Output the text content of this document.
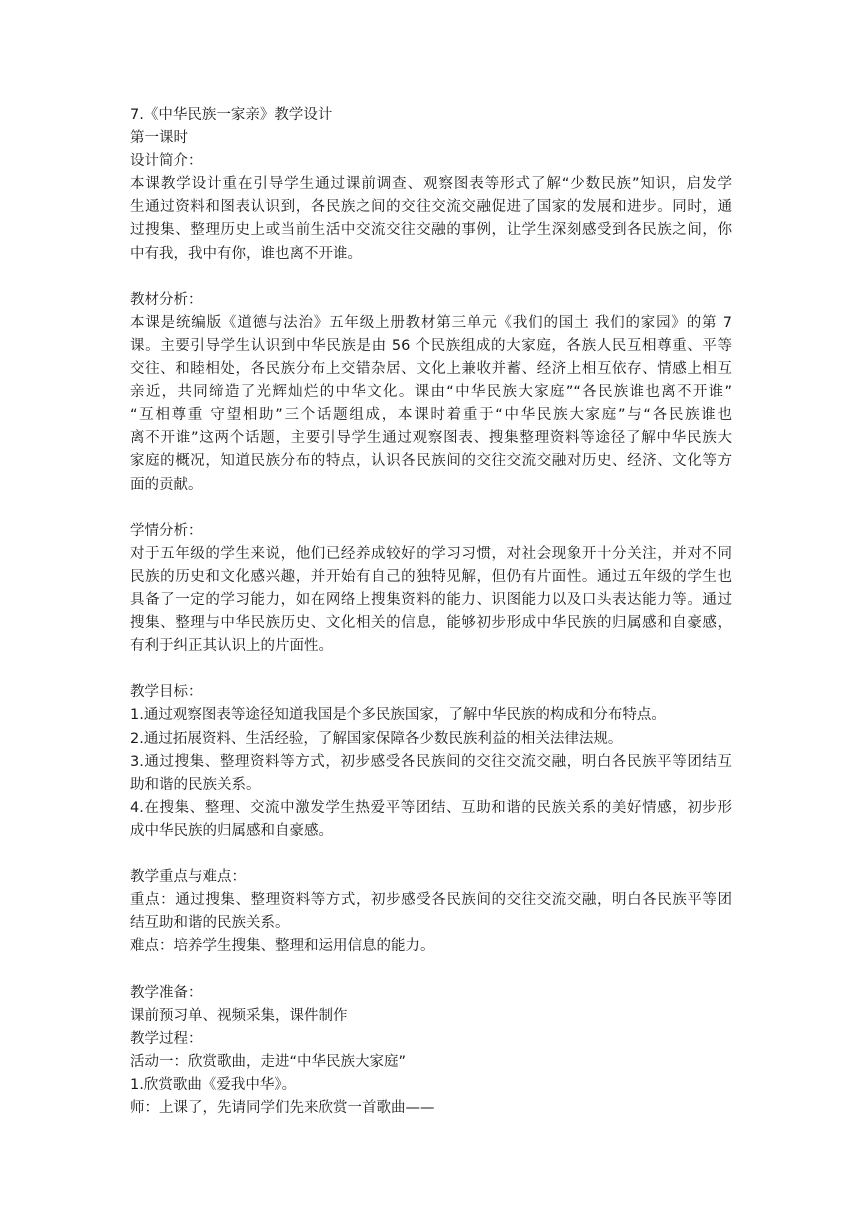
7.《中华民族一家亲》教学设计
第一课时
设计简介：
本课教学设计重在引导学生通过课前调查、观察图表等形式了解“少数民族”知识，启发学
生通过资料和图表认识到，各民族之间的交往交流交融促进了国家的发展和进步。同时，通
过搜集、整理历史上或当前生活中交流交往交融的事例，让学生深刻感受到各民族之间，你
中有我，我中有你，谁也离不开谁。
教材分析：
本课是统编版《道德与法治》五年级上册教材第三单元《我们的国土 我们的家园》的第 7
课。主要引导学生认识到中华民族是由 56 个民族组成的大家庭，各族人民互相尊重、平等
交往、和睦相处，各民族分布上交错杂居、文化上兼收并蓄、经济上相互依存、情感上相互
亲近，共同缔造了光辉灿烂的中华文化。课由“中华民族大家庭”“各民族谁也离不开谁”
“互相尊重 守望相助”三个话题组成，本课时着重于“中华民族大家庭”与“各民族谁也
离不开谁”这两个话题，主要引导学生通过观察图表、搜集整理资料等途径了解中华民族大
家庭的概况，知道民族分布的特点，认识各民族间的交往交流交融对历史、经济、文化等方
面的贡献。
学情分析：
对于五年级的学生来说，他们已经养成较好的学习习惯，对社会现象开十分关注，并对不同
民族的历史和文化感兴趣，并开始有自己的独特见解，但仍有片面性。通过五年级的学生也
具备了一定的学习能力，如在网络上搜集资料的能力、识图能力以及口头表达能力等。通过
搜集、整理与中华民族历史、文化相关的信息，能够初步形成中华民族的归属感和自豪感，
有利于纠正其认识上的片面性。
教学目标：
1.通过观察图表等途径知道我国是个多民族国家，了解中华民族的构成和分布特点。
2.通过拓展资料、生活经验，了解国家保障各少数民族利益的相关法律法规。
3.通过搜集、整理资料等方式，初步感受各民族间的交往交流交融，明白各民族平等团结互
助和谐的民族关系。
4.在搜集、整理、交流中激发学生热爱平等团结、互助和谐的民族关系的美好情感，初步形
成中华民族的归属感和自豪感。
教学重点与难点：
重点：通过搜集、整理资料等方式，初步感受各民族间的交往交流交融，明白各民族平等团
结互助和谐的民族关系。
难点：培养学生搜集、整理和运用信息的能力。
教学准备：
课前预习单、视频采集，课件制作
教学过程：
活动一：欣赏歌曲，走进“中华民族大家庭”
1.欣赏歌曲《爱我中华》。
师：上课了，先请同学们先来欣赏一首歌曲——
